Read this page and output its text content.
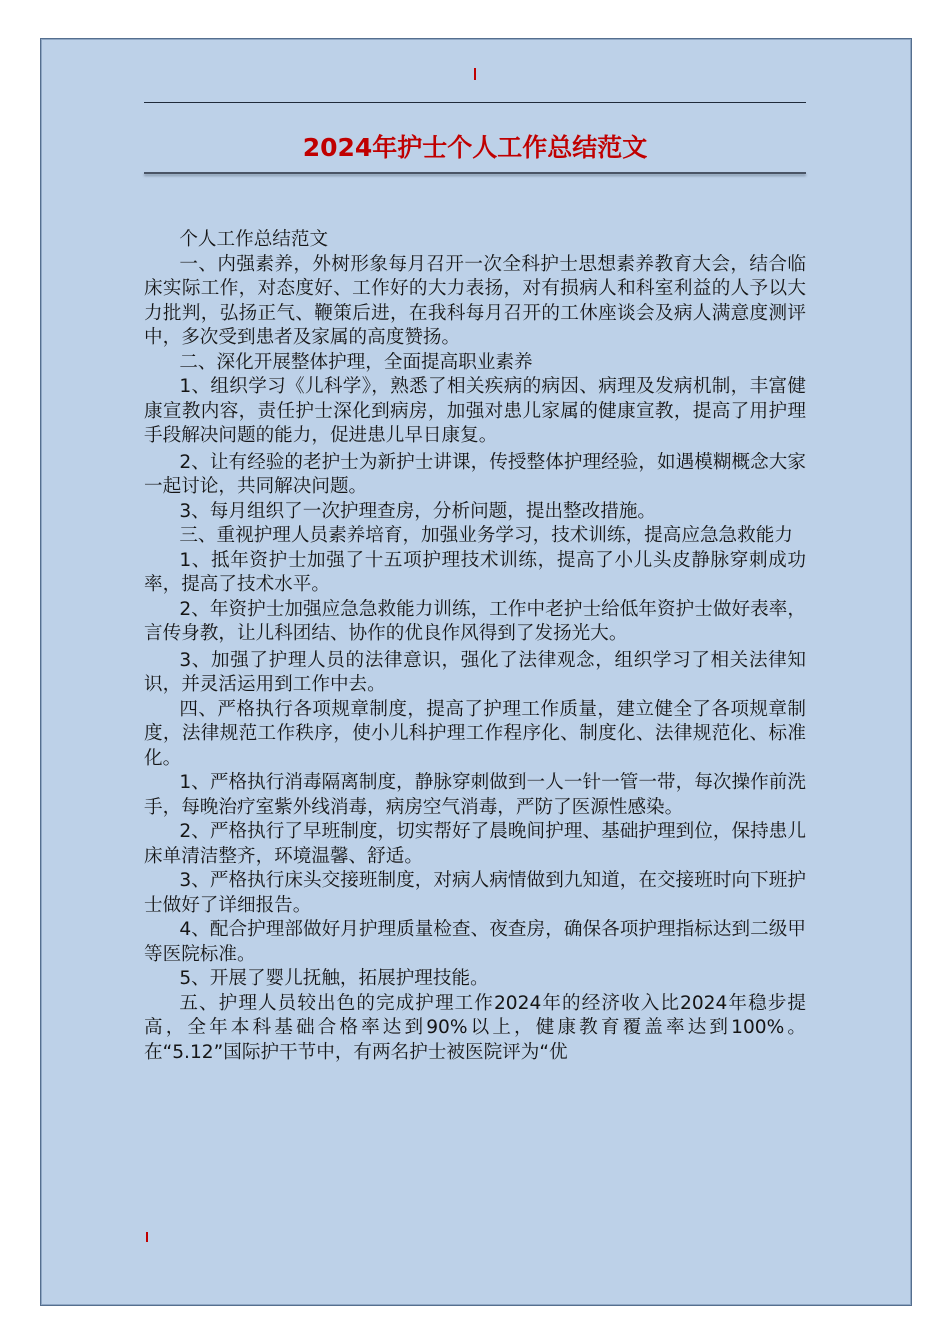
2024年护士个人工作总结范文

个人工作总结范文

一、内强素养，外树形象每月召开一次全科护士思想素养教育大会，结合临床实际工作，对态度好、工作好的大力表扬，对有损病人和科室利益的人予以大力批判，弘扬正气、鞭策后进，在我科每月召开的工休座谈会及病人满意度测评中，多次受到患者及家属的高度赞扬。

二、深化开展整体护理，全面提高职业素养

1、组织学习《儿科学》，熟悉了相关疾病的病因、病理及发病机制，丰富健康宣教内容，责任护士深化到病房，加强对患儿家属的健康宣教，提高了用护理手段解决问题的能力，促进患儿早日康复。

2、让有经验的老护士为新护士讲课，传授整体护理经验，如遇模糊概念大家一起讨论，共同解决问题。

3、每月组织了一次护理查房，分析问题，提出整改措施。

三、重视护理人员素养培育，加强业务学习，技术训练，提高应急急救能力

1、抵年资护士加强了十五项护理技术训练，提高了小儿头皮静脉穿刺成功率，提高了技术水平。

2、年资护士加强应急急救能力训练，工作中老护士给低年资护士做好表率，言传身教，让儿科团结、协作的优良作风得到了发扬光大。

3、加强了护理人员的法律意识，强化了法律观念，组织学习了相关法律知识，并灵活运用到工作中去。

四、严格执行各项规章制度，提高了护理工作质量，建立健全了各项规章制度，法律规范工作秩序，使小儿科护理工作程序化、制度化、法律规范化、标准化。

1、严格执行消毒隔离制度，静脉穿刺做到一人一针一管一带，每次操作前洗手，每晚治疗室紫外线消毒，病房空气消毒，严防了医源性感染。

2、严格执行了早班制度，切实帮好了晨晚间护理、基础护理到位，保持患儿床单清洁整齐，环境温馨、舒适。

3、严格执行床头交接班制度，对病人病情做到九知道，在交接班时向下班护士做好了详细报告。

4、配合护理部做好月护理质量检查、夜查房，确保各项护理指标达到二级甲等医院标准。

5、开展了婴儿抚触，拓展护理技能。

五、护理人员较出色的完成护理工作2024年的经济收入比2024年稳步提高，全年本科基础合格率达到90%以上，健康教育覆盖率达到100%。在“5.12”国际护干节中，有两名护士被医院评为“优
